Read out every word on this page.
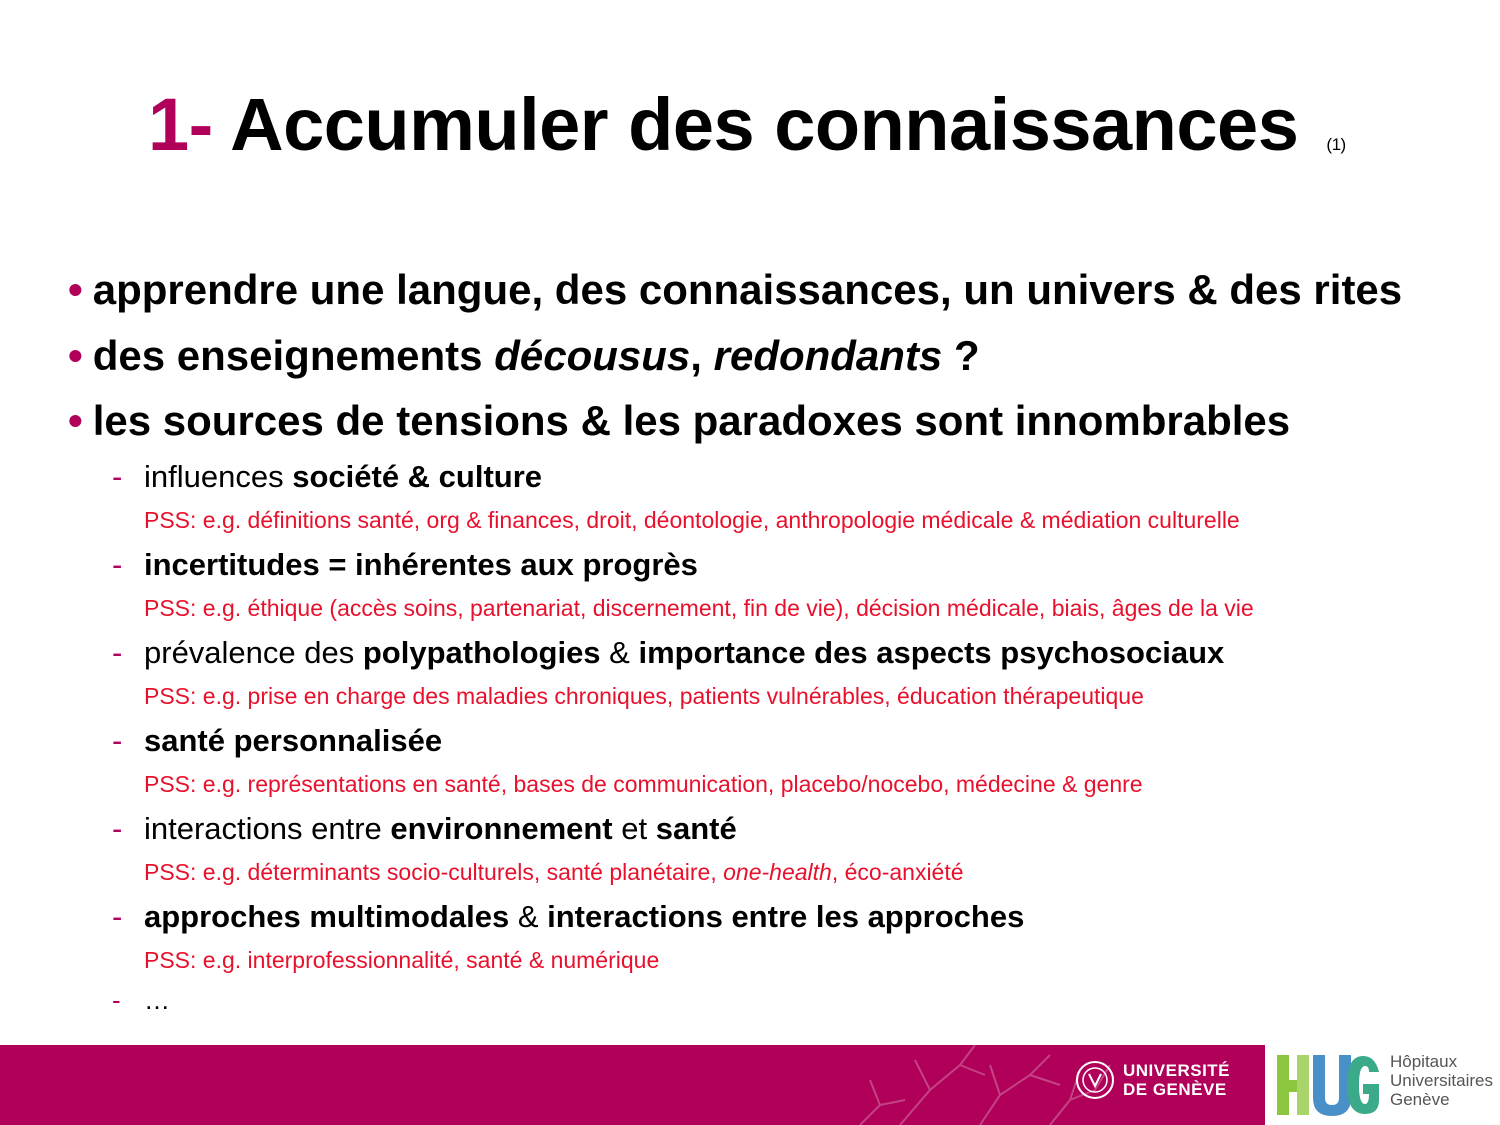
1- Accumuler des connaissances (1)
• apprendre une langue, des connaissances, un univers & des rites
• des enseignements décousus, redondants ?
• les sources de tensions & les paradoxes sont innombrables
- influences société & culture
PSS: e.g. définitions santé, org & finances, droit, déontologie, anthropologie médicale & médiation culturelle
- incertitudes = inhérentes aux progrès
PSS: e.g. éthique (accès soins, partenariat, discernement, fin de vie), décision médicale, biais, âges de la vie
- prévalence des polypathologies & importance des aspects psychosociaux
PSS: e.g. prise en charge des maladies chroniques, patients vulnérables, éducation thérapeutique
- santé personnalisée
PSS: e.g. représentations en santé, bases de communication, placebo/nocebo, médecine & genre
- interactions entre environnement et santé
PSS: e.g. déterminants socio-culturels, santé planétaire, one-health, éco-anxiété
- approches multimodales & interactions entre les approches
PSS: e.g. interprofessionnalité, santé & numérique
- …
UNIVERSITÉ
DE GENÈVE
Hôpitaux
Universitaires
Genève
